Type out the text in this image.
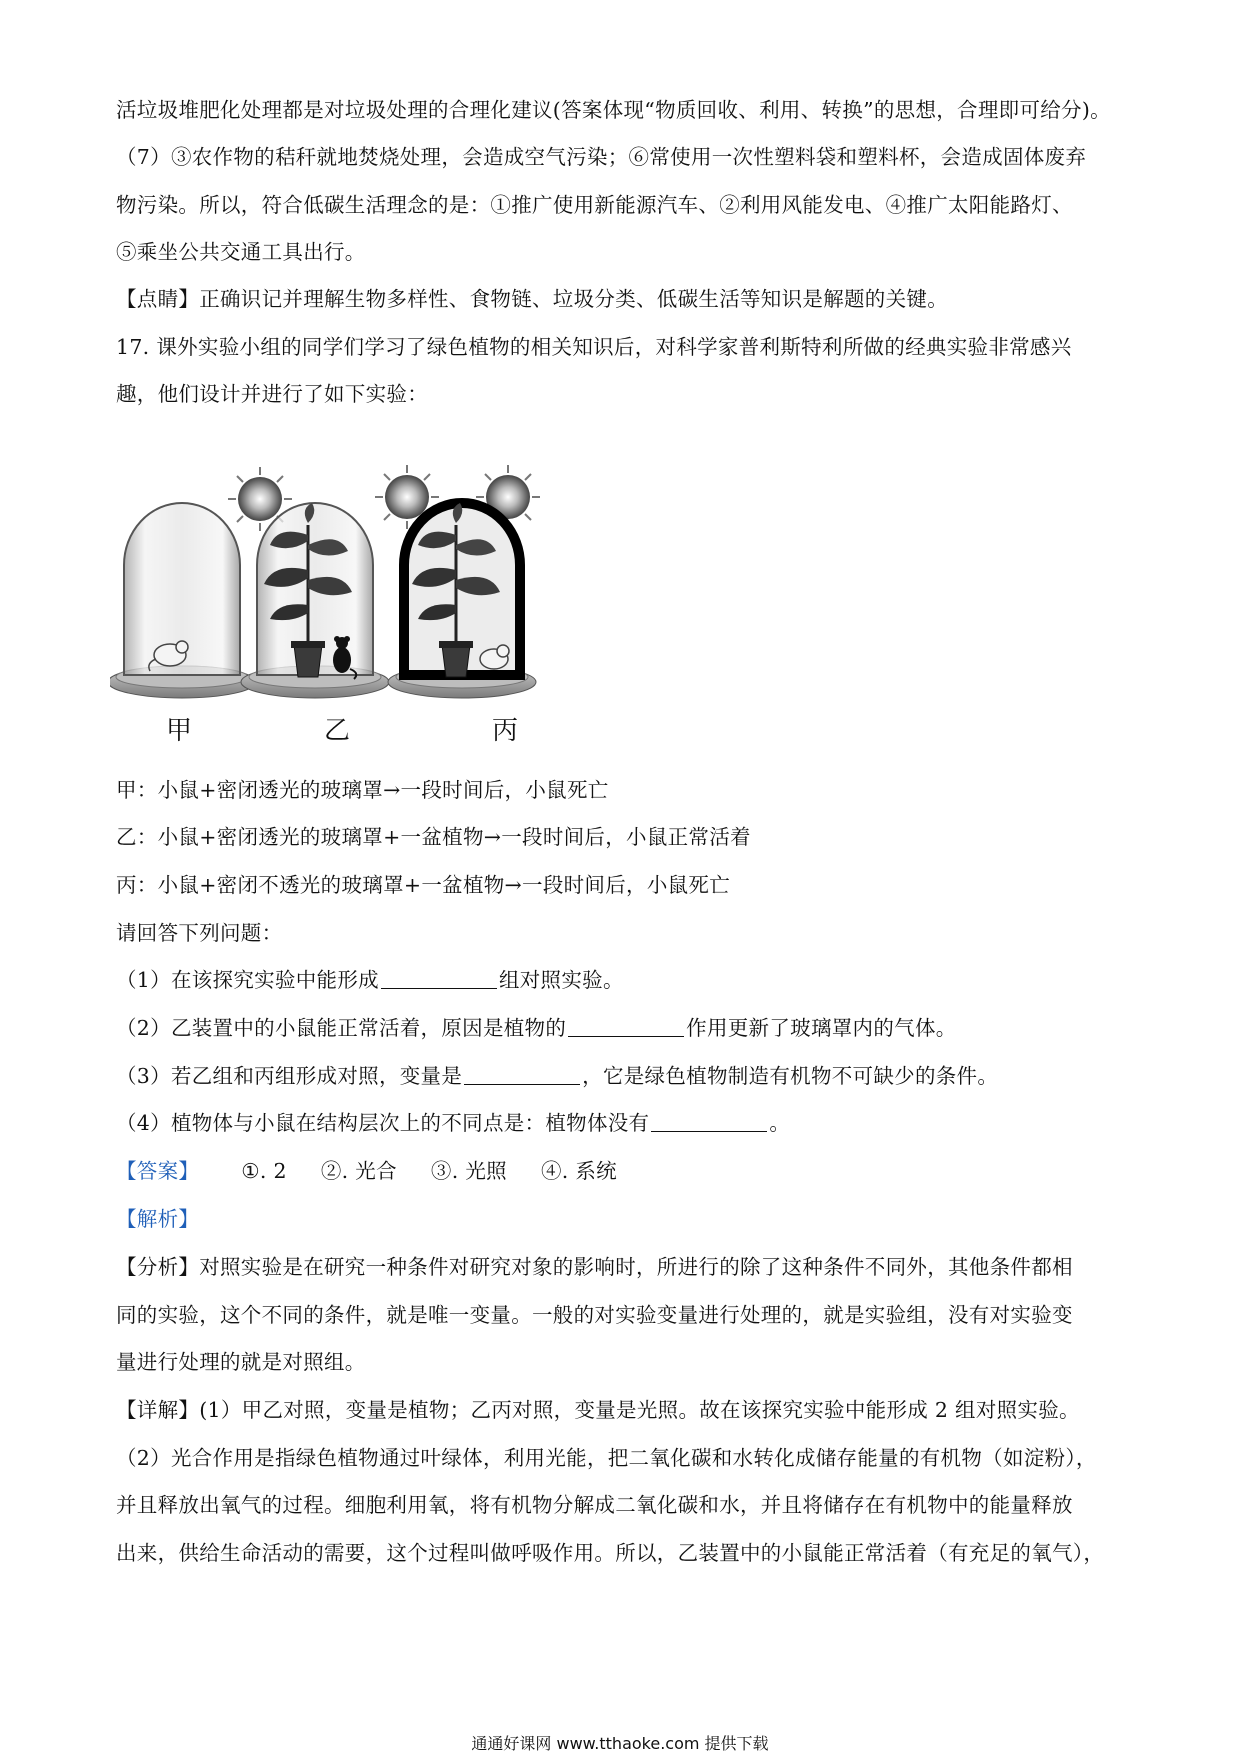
活垃圾堆肥化处理都是对垃圾处理的合理化建议(答案体现“物质回收、利用、转换”的思想，合理即可给分)。
（7）③农作物的秸秆就地焚烧处理，会造成空气污染；⑥常使用一次性塑料袋和塑料杯，会造成固体废弃
物污染。所以，符合低碳生活理念的是：①推广使用新能源汽车、②利用风能发电、④推广太阳能路灯、
⑤乘坐公共交通工具出行。
【点睛】正确识记并理解生物多样性、食物链、垃圾分类、低碳生活等知识是解题的关键。
17. 课外实验小组的同学们学习了绿色植物的相关知识后，对科学家普利斯特利所做的经典实验非常感兴
趣，他们设计并进行了如下实验：
甲	乙	丙
甲：小鼠+密闭透光的玻璃罩→一段时间后，小鼠死亡
乙：小鼠+密闭透光的玻璃罩+一盆植物→一段时间后，小鼠正常活着
丙：小鼠+密闭不透光的玻璃罩+一盆植物→一段时间后，小鼠死亡
请回答下列问题：
（1）在该探究实验中能形成	组对照实验。
（2）乙装置中的小鼠能正常活着，原因是植物的	作用更新了玻璃罩内的气体。
（3）若乙组和丙组形成对照，变量是	，它是绿色植物制造有机物不可缺少的条件。
（4）植物体与小鼠在结构层次上的不同点是：植物体没有	。
【答案】 ①. 2 ②. 光合 ③. 光照 ④. 系统
【解析】
【分析】对照实验是在研究一种条件对研究对象的影响时，所进行的除了这种条件不同外，其他条件都相
同的实验，这个不同的条件，就是唯一变量。一般的对实验变量进行处理的，就是实验组，没有对实验变
量进行处理的就是对照组。
【详解】(1）甲乙对照，变量是植物；乙丙对照，变量是光照。故在该探究实验中能形成 2 组对照实验。
（2）光合作用是指绿色植物通过叶绿体，利用光能，把二氧化碳和水转化成储存能量的有机物（如淀粉），
并且释放出氧气的过程。细胞利用氧，将有机物分解成二氧化碳和水，并且将储存在有机物中的能量释放
出来，供给生命活动的需要，这个过程叫做呼吸作用。所以，乙装置中的小鼠能正常活着（有充足的氧气），
通通好课网 www.tthaoke.com 提供下载
